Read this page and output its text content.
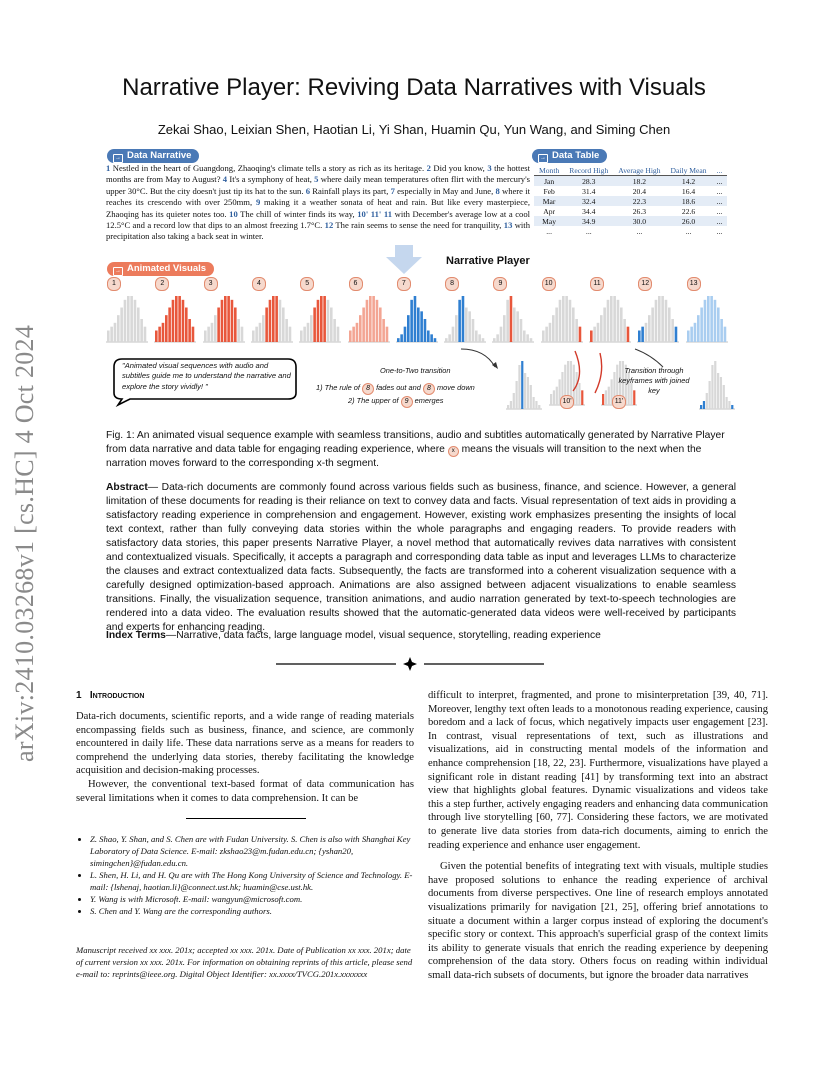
arXiv:2410.03268v1 [cs.HC] 4 Oct 2024
Narrative Player: Reviving Data Narratives with Visuals
Zekai Shao, Leixian Shen, Haotian Li, Yi Shan, Huamin Qu, Yun Wang, and Siming Chen
→ Data Narrative	→ Data Table
1 Nestled in the heart of Guangdong, Zhaoqing's climate tells a story as rich as its heritage. 2 Did you know, 3 the hottest months are from May to August? 4 It's a symphony of heat, 5 where daily mean temperatures often flirt with the mercury's upper 30°C. But the city doesn't just tip its hat to the sun. 6 Rainfall plays its part, 7 especially in May and June, 8 where it reaches its crescendo with over 250mm, 9 making it a weather sonata of heat and rain. But like every masterpiece, Zhaoqing has its quieter notes too. 10 The chill of winter finds its way, 10' 11' 11 with December's average low at a cool 12.5°C and a record low that dips to an almost freezing 1.7°C. 12 The rain seems to sense the need for tranquility, 13 with precipitation also taking a back seat in winter.
Month	Record High	Average High	Daily Mean	...
Jan	28.3	18.2	14.2	...
Feb	31.4	20.4	16.4	...
Mar	32.4	22.3	18.6	...
Apr	34.4	26.3	22.6	...
May	34.9	30.0	26.0	...
...	...	...	...	...
Narrative Player
→ Animated Visuals
1	2	3	4	5	6	7	8	9	10	11	12	13
"Animated visual sequences with audio and subtitles guide me to understand the narrative and explore the story vividly! "
One-to-Two transition
1) The rule of 8 fades out and 8 move down
2) The upper of 9 emerges
Transition through keyframes with joined key
10'	11'
Fig. 1: An animated visual sequence example with seamless transitions, audio and subtitles automatically generated by Narrative Player from data narrative and data table for engaging reading experience, where x means the visuals will transition to the next when the narration moves forward to the corresponding x-th segment.
Abstract— Data-rich documents are commonly found across various fields such as business, finance, and science. However, a general limitation of these documents for reading is their reliance on text to convey data and facts. Visual representation of text aids in providing a satisfactory reading experience in comprehension and engagement. However, existing work emphasizes presenting the insights of local text context, rather than fully conveying data stories within the whole paragraphs and engaging readers. To provide readers with satisfactory data stories, this paper presents Narrative Player, a novel method that automatically revives data narratives with consistent and contextualized visuals. Specifically, it accepts a paragraph and corresponding data table as input and leverages LLMs to characterize the clauses and extract contextualized data facts. Subsequently, the facts are transformed into a coherent visualization sequence with a carefully designed optimization-based approach. Animations are also assigned between adjacent visualizations to enable seamless transitions. Finally, the visualization sequence, transition animations, and audio narration generated by text-to-speech technologies are rendered into a data video. The evaluation results showed that the automatic-generated data videos were well-received by participants and experts for enhancing reading.
Index Terms—Narrative, data facts, large language model, visual sequence, storytelling, reading experience
1 Introduction
Data-rich documents, scientific reports, and a wide range of reading materials encompassing fields such as business, finance, and science, are commonly encountered in daily life. These data narrations serve as a means for readers to comprehend the underlying data stories, thereby facilitating the knowledge acquisition and decision-making processes.
However, the conventional text-based format of data communication has several limitations when it comes to data comprehension. It can be
• Z. Shao, Y. Shan, and S. Chen are with Fudan University. S. Chen is also with Shanghai Key Laboratory of Data Science. E-mail: zkshao23@m.fudan.edu.cn; {yshan20, simingchen}@fudan.edu.cn.
• L. Shen, H. Li, and H. Qu are with The Hong Kong University of Science and Technology. E-mail: {lshenaj, haotian.li}@connect.ust.hk; huamin@cse.ust.hk.
• Y. Wang is with Microsoft. E-mail: wangyun@microsoft.com.
• S. Chen and Y. Wang are the corresponding authors.
Manuscript received xx xxx. 201x; accepted xx xxx. 201x. Date of Publication xx xxx. 201x; date of current version xx xxx. 201x. For information on obtaining reprints of this article, please send e-mail to: reprints@ieee.org. Digital Object Identifier: xx.xxxx/TVCG.201x.xxxxxxx
difficult to interpret, fragmented, and prone to misinterpretation [39, 40, 71]. Moreover, lengthy text often leads to a monotonous reading experience, causing boredom and a lack of focus, which negatively impacts user engagement [23]. In contrast, visual representations of text, such as illustrations and visualizations, aid in constructing mental models of the information and enhance comprehension [18, 22, 23]. Furthermore, visualizations have played a significant role in distant reading [41] by transforming text into an abstract view that highlights global features. Dynamic visualizations and videos take this a step further, actively engaging readers and enhancing data communication through live storytelling [60, 77]. Considering these factors, we are motivated to generate live data stories from data-rich documents, aiming to enrich the reading experience and enhance user engagement.
Given the potential benefits of integrating text with visuals, multiple studies have proposed solutions to enhance the reading experience of archival documents from diverse perspectives. One line of research employs annotated visualizations primarily for navigation [21, 25], offering brief annotations to situate a document within a larger corpus instead of exploring the document's specific story or context. This approach's superficial grasp of the context limits its ability to generate visuals that enrich the reading experience by deepening comprehension of the data story. Others focus on reading within individual small data-rich subsets of documents, but ignore the broader data narratives
